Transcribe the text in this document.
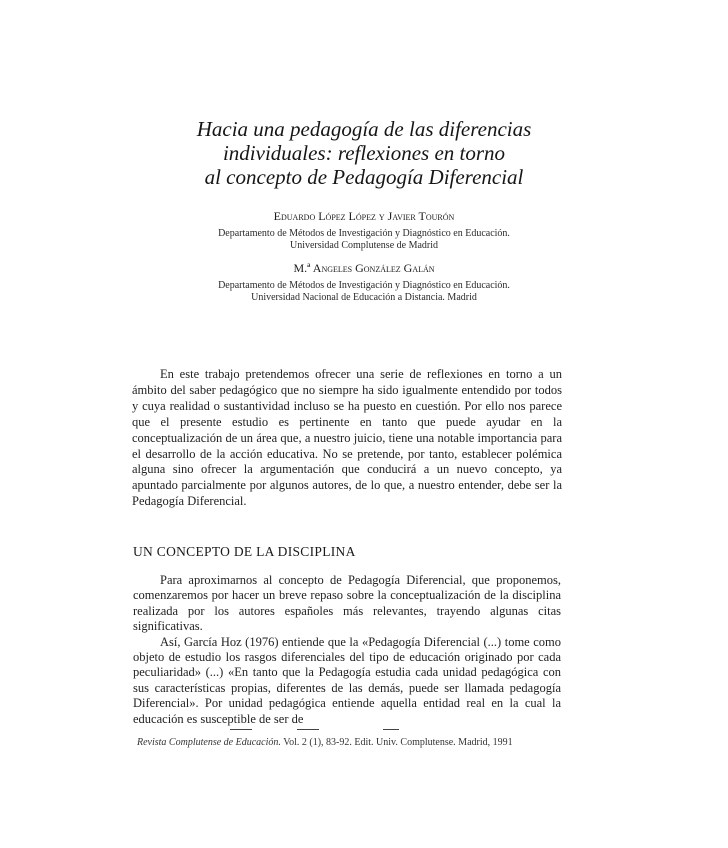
Hacia una pedagogía de las diferencias
individuales: reflexiones en torno
al concepto de Pedagogía Diferencial
Eduardo López López y Javier Tourón
Departamento de Métodos de Investigación y Diagnóstico en Educación.
Universidad Complutense de Madrid
M.ª Angeles González Galán
Departamento de Métodos de Investigación y Diagnóstico en Educación.
Universidad Nacional de Educación a Distancia. Madrid

En este trabajo pretendemos ofrecer una serie de reflexiones en torno a un ámbito del saber pedagógico que no siempre ha sido igualmente entendido por todos y cuya realidad o sustantividad incluso se ha puesto en cuestión. Por ello nos parece que el presente estudio es pertinente en tanto que puede ayudar en la conceptualización de un área que, a nuestro juicio, tiene una notable importancia para el desarrollo de la acción educativa. No se pretende, por tanto, establecer polémica alguna sino ofrecer la argumentación que conducirá a un nuevo concepto, ya apuntado parcialmente por algunos autores, de lo que, a nuestro entender, debe ser la Pedagogía Diferencial.

UN CONCEPTO DE LA DISCIPLINA

Para aproximarnos al concepto de Pedagogía Diferencial, que proponemos, comenzaremos por hacer un breve repaso sobre la conceptualización de la disciplina realizada por los autores españoles más relevantes, trayendo algunas citas significativas.

Así, García Hoz (1976) entiende que la «Pedagogía Diferencial (...) tome como objeto de estudio los rasgos diferenciales del tipo de educación originado por cada peculiaridad» (...) «En tanto que la Pedagogía estudia cada unidad pedagógica con sus características propias, diferentes de las demás, puede ser llamada pedagogía Diferencial». Por unidad pedagógica entiende aquella entidad real en la cual la educación es susceptible de ser de

Revista Complutense de Educación. Vol. 2 (1), 83-92. Edit. Univ. Complutense. Madrid, 1991
